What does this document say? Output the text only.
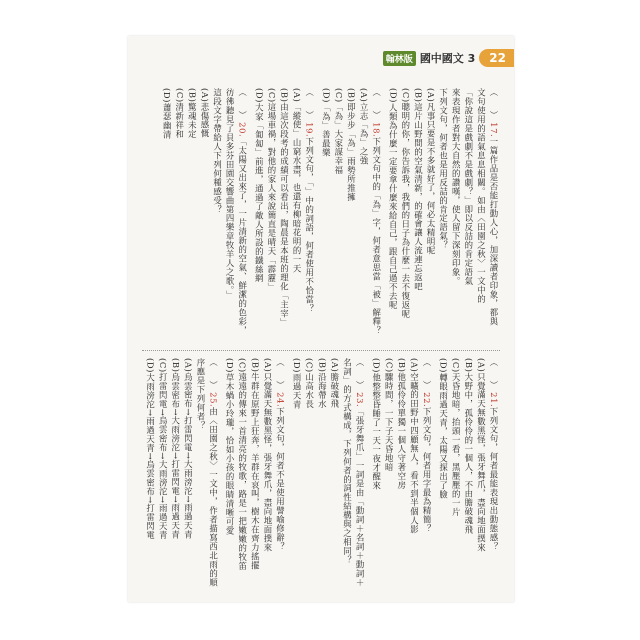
翰林版 國中國文 3	22

（　）17.一篇作品是否能打動人心，加深讀者印象，都與

文句使用的語氣息息相關。如由〈田園之秋〉一文中的

「你說這是戲劇不是戲劇？」即以反詰的肯定語氣

來表現作者對大自然的讚嘆，使人留下深刻印象。

下列文句，何者也是用反詰的肯定語氣？

(A)凡事只要是不多就好了，何必太精明呢

(B)這片山野間的空氣清新，的確會讓人流連忘返吧

(C)聰明的你，你告訴我，我們的日子為什麼一去不復返呢

(D)人類為什麼一定要拿什麼來給自己，跟自己過不去呢

（　）18.下列文句中的「為」字，何者意思當「被」解釋？

(A)立志「為」之強

(B)即步步「為」雨勢所推擁

(C)「為」大家謀幸福

(D)「為」善最樂

（　）19.下列文句，「」中的詞語，何者使用不恰當？

(A)「縱使」山窮水盡，也還有柳暗花明的一天

(B)由這次段考的成績可以看出，陶晨是本班的理化「主宰」

(C)這場車禍，對他的家人來說簡直是晴天「霹靂」

(D)大家「匍匐」前進，通過了敵人所設的鐵絲網

（　）20.「太陽又出來了，一片清新的空氣、鮮潔的色彩，

彷彿聽見了貝多芬田園交響曲第四樂章牧羊人之歌。」

這段文字帶給人下列何種感受？

(A)悲傷感慨

(B)驚魂未定

(C)清新祥和

(D)蕭瑟幽清

（　）21.下列文句，何者最能表現出動態感？

(A)只覺滿天無數黑怪，張牙舞爪，盡向地面撲來

(B)大野中，孤伶伶的一個人，不由膽破魂飛

(C)天昏地暗，抬頭一看，黑壓壓的一片

(D)轉眼雨過天青，太陽又探出了臉

（　）22.下列文句，何者用字最為精簡？

(A)空曠的田野中四顧無人，看不到半個人影

(B)他孤伶伶單獨一個人守著空房

(C)驟時間，一下子天昏地暗

(D)他整整昏睡了一天一夜才醒來

（　）23.「張牙舞爪」一詞是由「動詞＋名詞＋動詞＋名詞」的方式構成，下列何者的詞性結構與之相同？

(A)膽破魂飛

(B)沿海帶水

(C)山高水長

(D)雨過天青

（　）24.下列文句，何者不是使用譬喻修辭？

(A)只覺滿天無數黑怪，張牙舞爪，盡向地面撲來

(B)牛群在原野上狂奔，羊群在哀叫，樹木在齊力搖擺

(C)遠遠的傳來一首清亮的牧歌，路是一把嫩嫩的牧笛

(D)草木蝸小玲瓏，恰如小孩的眼睛清晰可愛

（　）25.由〈田園之秋〉一文中，作者描寫西北雨的順序應是下列何者？

(A)烏雲密布→打雷閃電→大雨滂沱→雨過天青

(B)烏雲密布→大雨滂沱→打雷閃電→雨過天青

(C)打雷閃電→烏雲密布→大雨滂沱→雨過天青

(D)大雨滂沱→雨過天青→烏雲密布→打雷閃電
